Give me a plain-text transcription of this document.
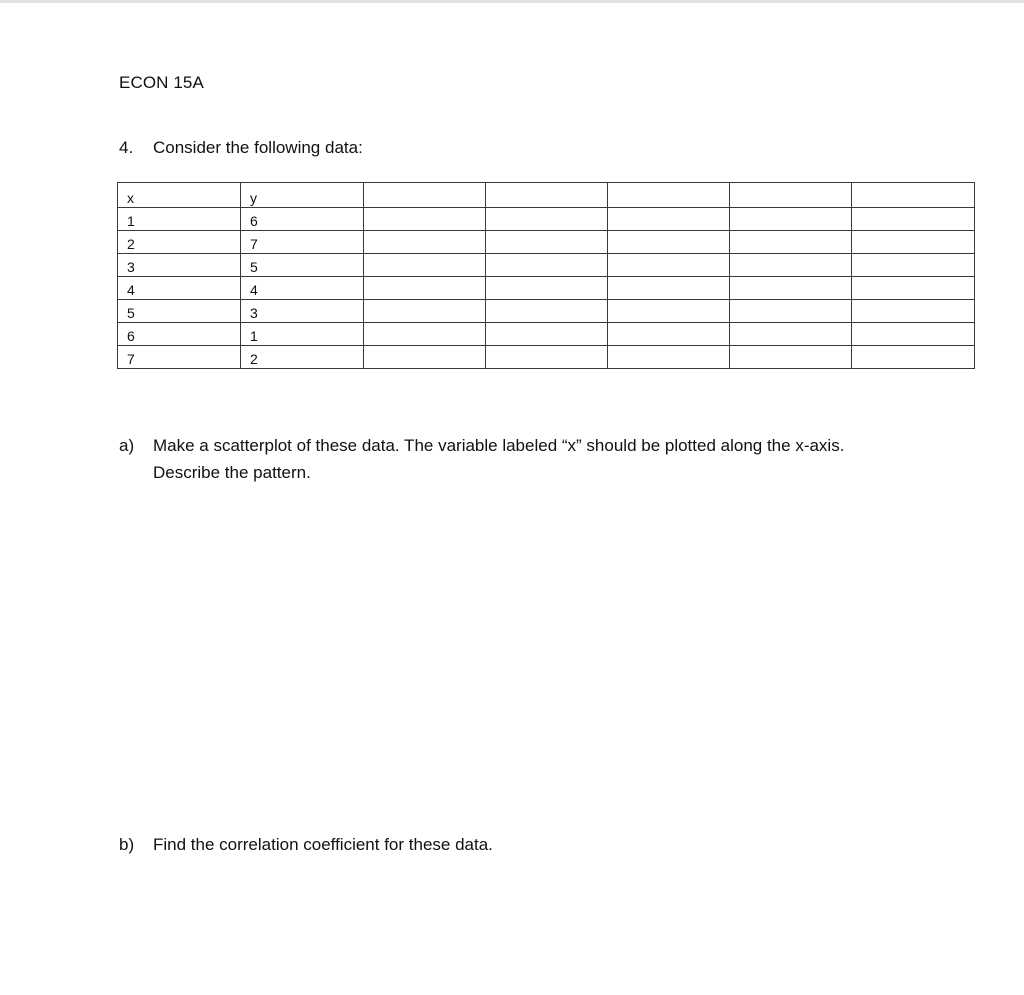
ECON 15A
4. Consider the following data:
x	y					
1	6					
2	7					
3	5					
4	4					
5	3					
6	1					
7	2					
a) Make a scatterplot of these data. The variable labeled “x” should be plotted along the x-axis.
Describe the pattern.
b) Find the correlation coefficient for these data.
